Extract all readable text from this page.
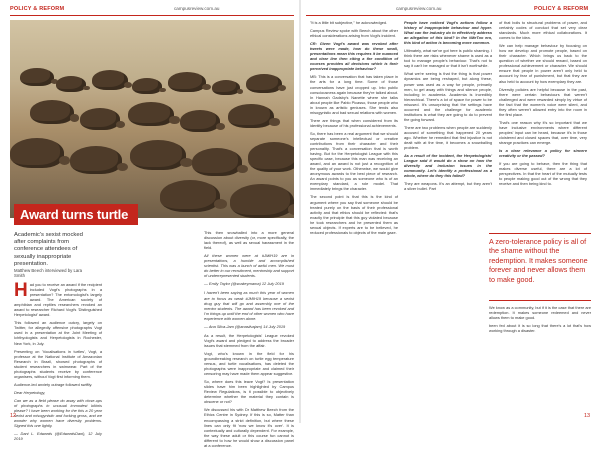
POLICY & REFORM	campusreview.com.au
Award turns turtle
Academic's sexist mocked after complaints from conference attendees of sexually inappropriate presentation.
Matthew Beech interviewed by Lara Smith

Had you to receive an award if the recipient included Vogt's photographs in a presentation? The entomologist's largely award. The American society of amphibian and reptiles researchers revoked an award to researcher Richard Vogt's 'Distinguished Herpetologist' award.

This followed an audience outcry, largely on Twitter, for allegedly offensive photographs Vogt used in a presentation at the Joint Meeting of Ichthyologists and Herpetologists in Rochester, New York, in July.

Presenting on 'Vocalisations in turtles', Vogt, a professor at the National Institute of Amazonian Research in Brazil, showed photographs of student researchers in swimwear. Part of the photographs students receive by conference organisers, without Vogt first informing them.

Audience-led anxiety outrage followed swiftly.

Dear Herpetology,

Can we as a field please do away with close-ups of photographs in unusual immodest bikinis please? I have been working for the this a 20 year sexist and misogynistic and fucking gross, and we wonder why women have diversity problems. Signed this one lightly.

— Dani L. Edwards (@EdwardsDani), 12 July 2019

This then snowballed into a more general discussion about diversity (or, more specifically, the lack thereof), as well as sexual harassment in the field.

All these women were at #JMIH19 are in presentations, a humble and accomplished scientist. This was a bunch of awful men. We must do better in our recruitment, mentorship and support of underrepresented students.

— Emily Taylor (@snakeymama) 12 July 2019

I haven't been saying as much this year of women are to focus as weak #JMIH19 because a sexist drug guy that will go and assembly one of the mentor students. The award has been revoked and I'm things up until the end of other women who have experience with women alone.

— Ana Silva-Jam (@anasilvajam) 14 July 2019

As a result, the Herpetologists' League revoked Vogt's award and pledged to address the broader issues that stemmed from the affair.

Vogt, who's known in the field for his groundbreaking research on turtle egg temperature versus, and turtle vocalisations, has deleted the photographs were inappropriate and claimed their censoring may have made them appear suggestive.

So, where does this leave Vogt? Is presentation slides have him been highlighted by Campus Review Regulations, is it possible to objectively determine whether the material they contain is obscene or not?

We discussed his with Dr Matthew Beech from the Ethics Centre in Sydney. If this is so, Matter than encompassing a strict definition, but where these lines can only fit 'now we know it's over'. It is contextually and culturally dependent. For example, the way these adult or this course fun cannot is different to how he would show a discussion panel at a conference.

12
campusreview.com.au	POLICY & REFORM

"It is a little bit subjective," he acknowledged.

Campus Review spoke with Beech about the other ethical considerations arising from Vogt's incident.

CR: Given Vogt's award was revoked after tweets were made, how do these small, presentations mean this requires it be nuanced and clear line then citing a the condition of courses provides all decisions which is their perceived inappropriate behaviour?

MB: This is a conversation that has taken place in the arts for a long time. Some of those conversations have just cropped up. Into public consciousness again because they're talked about. In Hannah Gadsby's Nanette where she talks about people like Pablo Picasso, those people who in known as artistic geniuses. She tends also misogynistic and bad sexual relations with women.

There are things that when considered from its identity because of his professional achievements.

So, there has been a real argument that we should separate someone's intellectual or creative contributions from their character and their personality. That's a conversation that is worth having. But for the Herpetologist League with this specific case, because this man was receiving an award, and an award is not just a recognition of the quality of your work. Otherwise, we would give anonymous awards to the best piece of research. An award points to you as someone who is of an exemplary standard, a role model. That immediately brings the character.

The second point is that this is the kind of argument where you say that someone should be treated purely on the basis of their professional activity and that ethics should be reflected: that's exactly the principle that this guy violated because he took researchers and he presented them as sexual objects. If experts are to be believed, he reduced professionals to objects of the male gaze.

People have noticed Vogt's actions follow a history of inappropriate behaviour and hyper. What can the industry do to effectively address an allegation of this kind? In the #MeToo era, this kind of action is becoming more common.

Ultimately, what we've got here is public shaming. I think there are risks whenever shame is used as a tool to manage people's behaviour. That's not to say it can't be managed or that it isn't worthwhile.

What we're seeing is that the thing is that power dynamics are being reshaped, but along these, power was used as a way for people, primarily men, to get away with things and silence people, including in academia. Academia is incredibly hierarchical. There's a lot of space for power to be misused. It's unsurprising that the settings have occurred and the challenge for academic institutions is what they are going to do to prevent the going forward.

There are two problems when people are suddenly accused of something that happened 20 years ago. Whether he remedied that first injustice is not dealt with at the time, it becomes a snowballing problem.

As a result of the incident, the Herpetologists' League said it would do a show on how the diversity and inclusion issues in the community. Let's identify a professional as a whole, where do they this failed?

They are weapons. It's an attempt, but they aren't a silver bullet. Part

of that boils to structural problems of power, and certainly codes of conduct that set very clear standards. Much more ethical collaborations. It comes to the idea.

We can help manage behaviour by focusing on how we develop and promote people, based on their character. Which brings us back to the question of whether we should reward, based on professional achievement or character. We should ensure that people in power aren't only held to account by fear of punishment, but that they are also held to account by how exemplary they are.

Diversity policies are helpful because in the past, there were certain behaviours that weren't challenged and were rewarded simply by virtue of the fact that the women's voice were silent, and they often weren't allowed entry into the room in the first place.

That's one reason why it's so important that we have inclusive environments where different peoples' input can be heard, because it's in those cloistered and closed spaces that, over time, very strange practices can emerge.

Is a clear relevance a policy for sincere creativity or the passed?

If you are going to behave, then the thing that makes diverse useful, there are a lot of perspectives. In that the heart of the mutually tests to people making good out of the wrong that they receive and then being kind to.

A zero-tolerance policy is all of the shame without the redemption. It makes someone forever and never allows them to make good.

We know as a community, but if it is the case that there are redemption. It makes someone redeemed and never allows them to make good.

been fed about it is so long that there's a lot that's how working through a disaster.

13
